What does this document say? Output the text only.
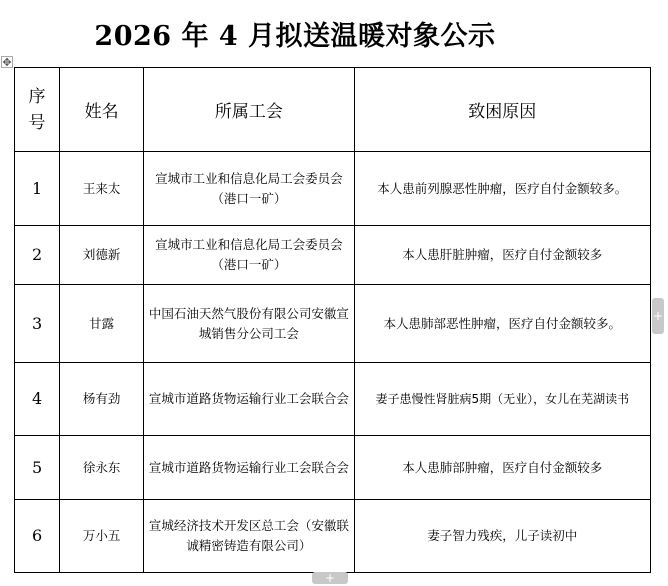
2026 年 4 月拟送温暖对象公示
✥
序号	姓名	所属工会	致困原因
1	王来太	宣城市工业和信息化局工会委员会（港口一矿）	本人患前列腺恶性肿瘤，医疗自付金额较多。
2	刘德新	宣城市工业和信息化局工会委员会（港口一矿）	本人患肝脏肿瘤，医疗自付金额较多
3	甘露	中国石油天然气股份有限公司安徽宣城销售分公司工会	本人患肺部恶性肿瘤，医疗自付金额较多。
4	杨有劲	宣城市道路货物运输行业工会联合会	妻子患慢性肾脏病5期（无业），女儿在芜湖读书
5	徐永东	宣城市道路货物运输行业工会联合会	本人患肺部肿瘤，医疗自付金额较多
6	万小五	宣城经济技术开发区总工会（安徽联诚精密铸造有限公司）	妻子智力残疾，儿子读初中
+
+
